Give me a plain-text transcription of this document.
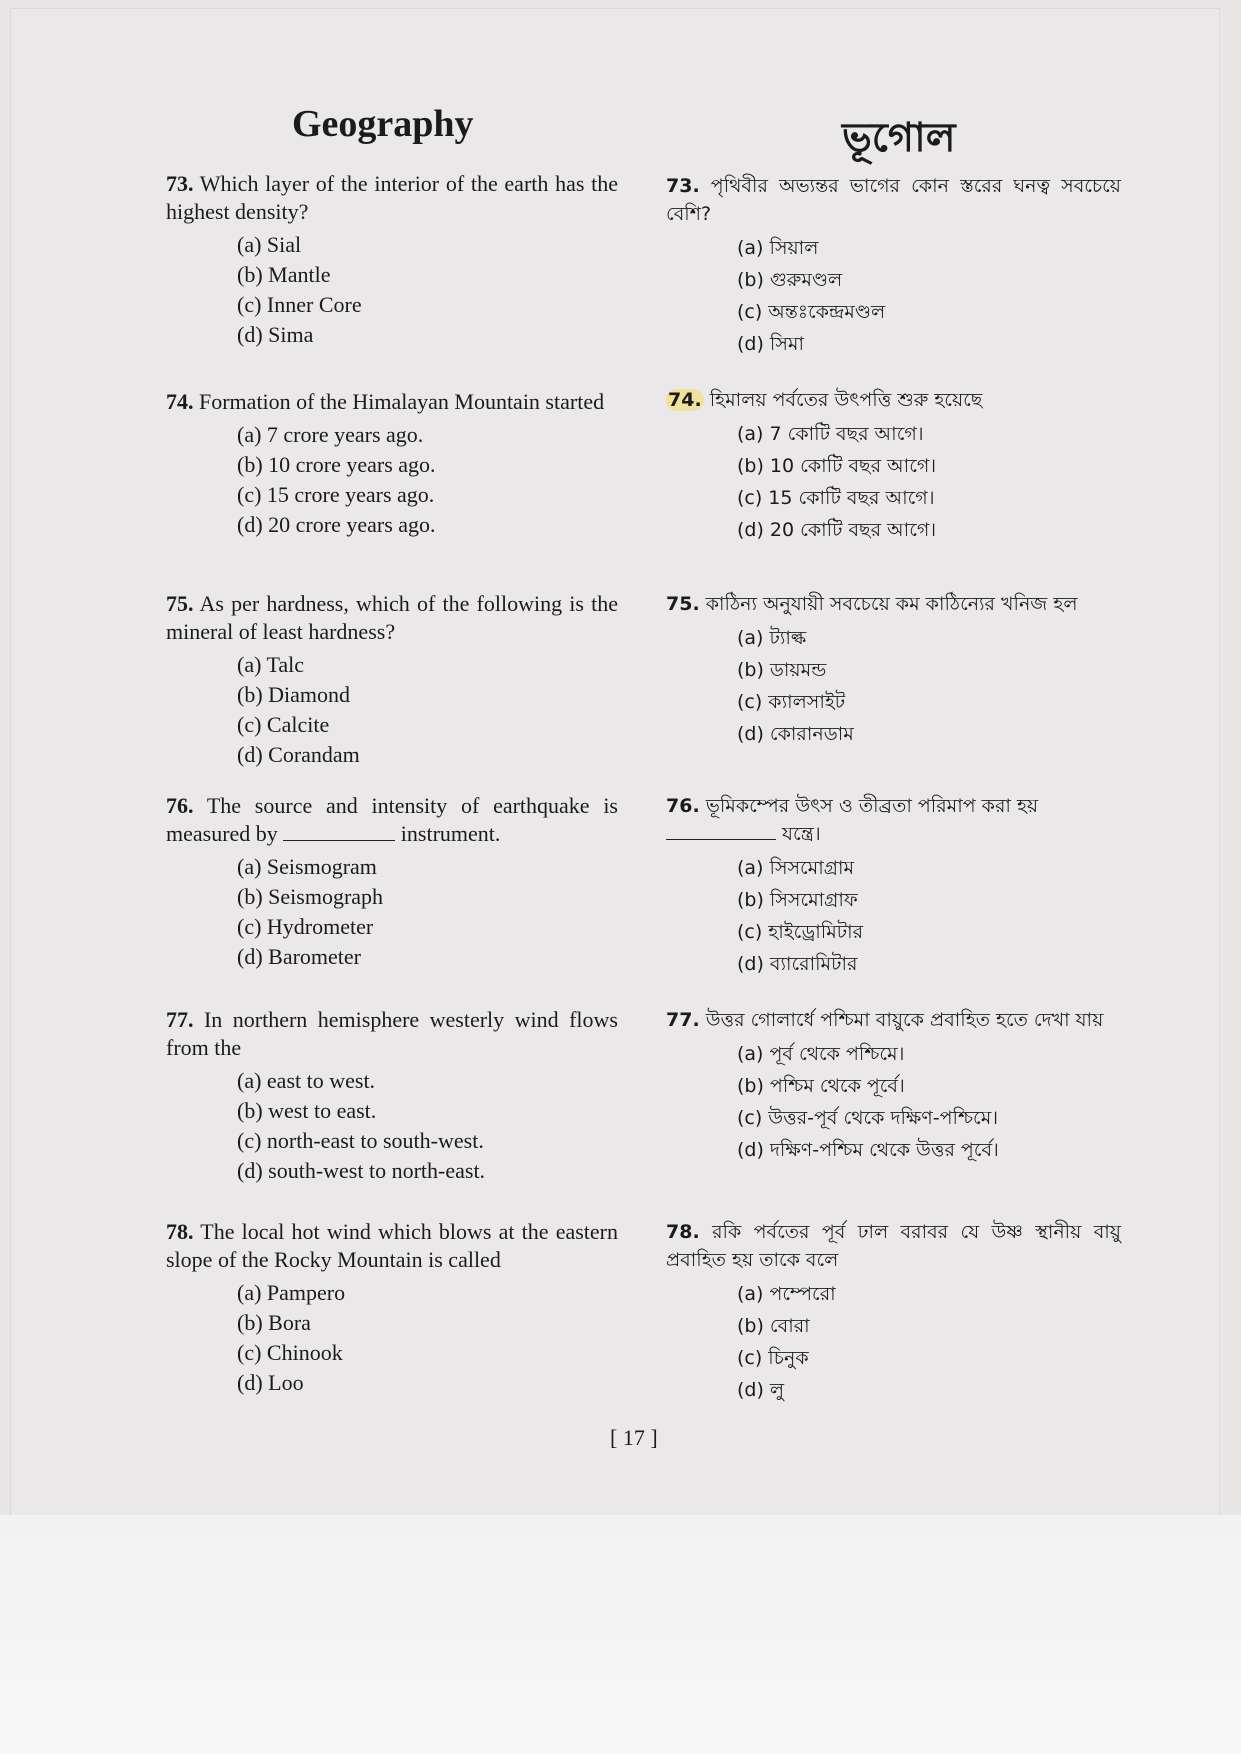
Geography	ভূগোল
73. Which layer of the interior of the earth has the highest density?
(a) Sial
(b) Mantle
(c) Inner Core
(d) Sima
74. Formation of the Himalayan Mountain started
(a) 7 crore years ago.
(b) 10 crore years ago.
(c) 15 crore years ago.
(d) 20 crore years ago.
75. As per hardness, which of the following is the mineral of least hardness?
(a) Talc
(b) Diamond
(c) Calcite
(d) Corandam
76. The source and intensity of earthquake is measured by	instrument.
(a) Seismogram
(b) Seismograph
(c) Hydrometer
(d) Barometer
77. In northern hemisphere westerly wind flows from the
(a) east to west.
(b) west to east.
(c) north-east to south-west.
(d) south-west to north-east.
78. The local hot wind which blows at the eastern slope of the Rocky Mountain is called
(a) Pampero
(b) Bora
(c) Chinook
(d) Loo
73. পৃথিবীর অভ্যন্তর ভাগের কোন স্তরের ঘনত্ব সবচেয়ে বেশি?
(a) সিয়াল
(b) গুরুমণ্ডল
(c) অন্তঃকেন্দ্রমণ্ডল
(d) সিমা
74. হিমালয় পর্বতের উৎপত্তি শুরু হয়েছে
(a) 7 কোটি বছর আগে।
(b) 10 কোটি বছর আগে।
(c) 15 কোটি বছর আগে।
(d) 20 কোটি বছর আগে।
75. কাঠিন্য অনুযায়ী সবচেয়ে কম কাঠিন্যের খনিজ হল
(a) ট্যাল্ক
(b) ডায়মন্ড
(c) ক্যালসাইট
(d) কোরানডাম
76. ভূমিকম্পের উৎস ও তীব্রতা পরিমাপ করা হয়
যন্ত্রে।
(a) সিসমোগ্রাম
(b) সিসমোগ্রাফ
(c) হাইড্রোমিটার
(d) ব্যারোমিটার
77. উত্তর গোলার্ধে পশ্চিমা বায়ুকে প্রবাহিত হতে দেখা যায়
(a) পূর্ব থেকে পশ্চিমে।
(b) পশ্চিম থেকে পূর্বে।
(c) উত্তর-পূর্ব থেকে দক্ষিণ-পশ্চিমে।
(d) দক্ষিণ-পশ্চিম থেকে উত্তর পূর্বে।
78. রকি পর্বতের পূর্ব ঢাল বরাবর যে উষ্ণ স্থানীয় বায়ু প্রবাহিত হয় তাকে বলে
(a) পম্পেরো
(b) বোরা
(c) চিনুক
(d) লু

[ 17 ]
